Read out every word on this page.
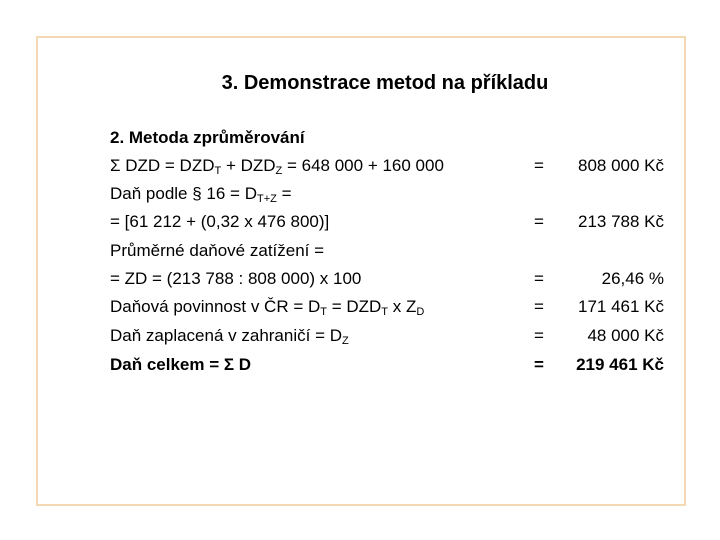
3. Demonstrace metod na příkladu
2. Metoda zprůměrování
Σ DZD = $DZD_T + DZD_Z = 648$ 000 + 160 000	= 808 000 Kč
Daň podle § $16 = D_{T+Z}$ =
= [61 212 + (0,32 x 476 800)]	= 213 788 Kč
Průměrné daňové zatížení =
= ZD = (213 788 : 808 000) x 100	=	26,46 %
Daňová povinnost v ČR = $D_T = DZD_T$ x $Z_D$	= 171 461 Kč
Daň zaplacená v zahraničí = $D_Z$	=	48 000 Kč
Daň celkem = Σ D	= 219 461 Kč
